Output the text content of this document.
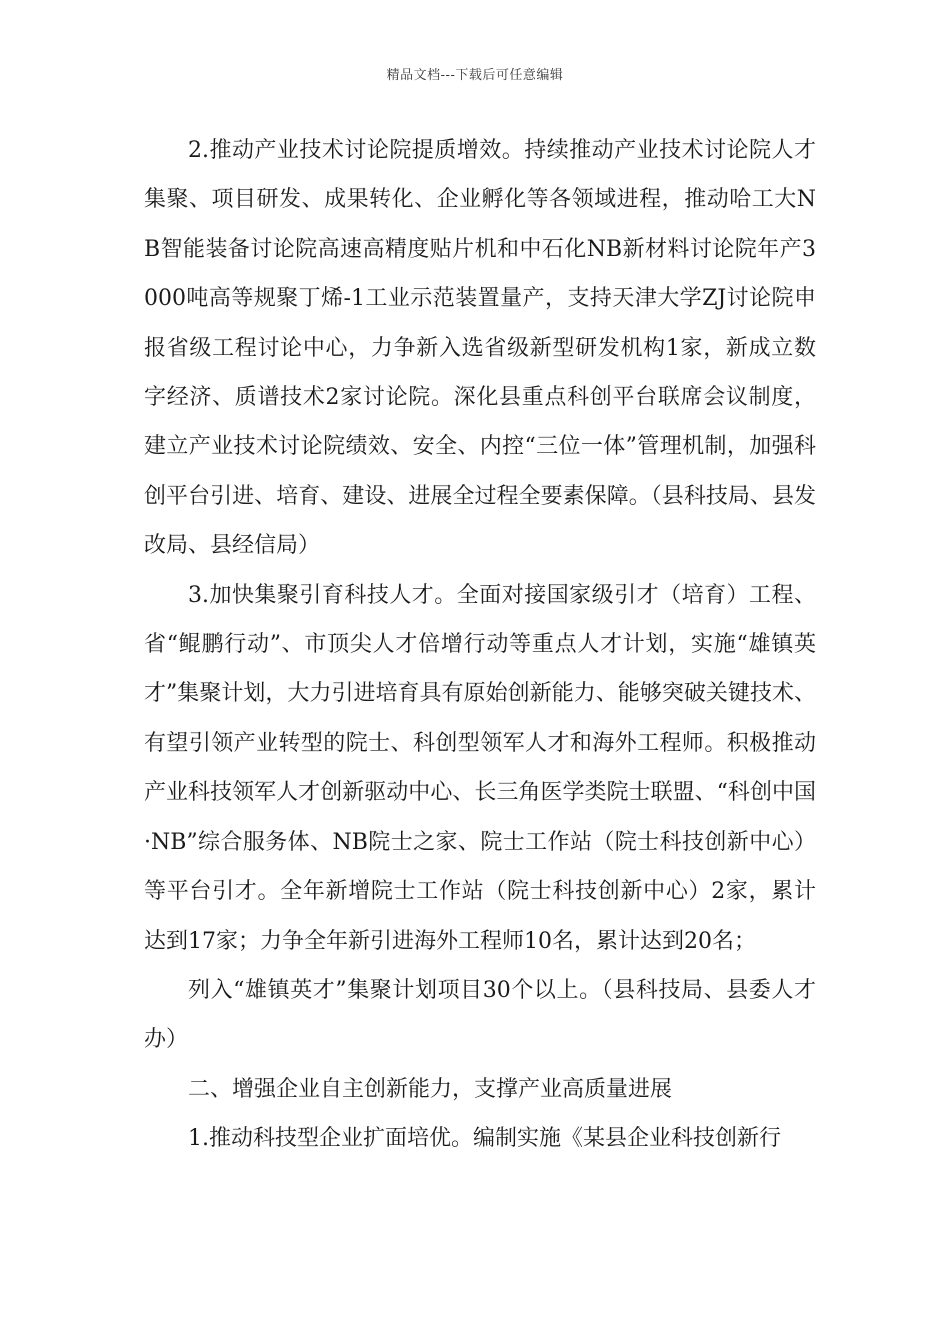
精品文档---下载后可任意编辑

2.推动产业技术讨论院提质增效。持续推动产业技术讨论院人才集聚、项目研发、成果转化、企业孵化等各领域进程，推动哈工大NB智能装备讨论院高速高精度贴片机和中石化NB新材料讨论院年产3000吨高等规聚丁烯-1工业示范装置量产，支持天津大学ZJ讨论院申报省级工程讨论中心，力争新入选省级新型研发机构1家，新成立数字经济、质谱技术2家讨论院。深化县重点科创平台联席会议制度，建立产业技术讨论院绩效、安全、内控“三位一体”管理机制，加强科创平台引进、培育、建设、进展全过程全要素保障。（县科技局、县发改局、县经信局）

3.加快集聚引育科技人才。全面对接国家级引才（培育）工程、省“鲲鹏行动”、市顶尖人才倍增行动等重点人才计划，实施“雄镇英才”集聚计划，大力引进培育具有原始创新能力、能够突破关键技术、有望引领产业转型的院士、科创型领军人才和海外工程师。积极推动产业科技领军人才创新驱动中心、长三角医学类院士联盟、“科创中国·NB”综合服务体、NB院士之家、院士工作站（院士科技创新中心）等平台引才。全年新增院士工作站（院士科技创新中心）2家，累计达到17家；力争全年新引进海外工程师10名，累计达到20名；

列入“雄镇英才”集聚计划项目30个以上。（县科技局、县委人才办）

二、增强企业自主创新能力，支撑产业高质量进展

1.推动科技型企业扩面培优。编制实施《某县企业科技创新行
